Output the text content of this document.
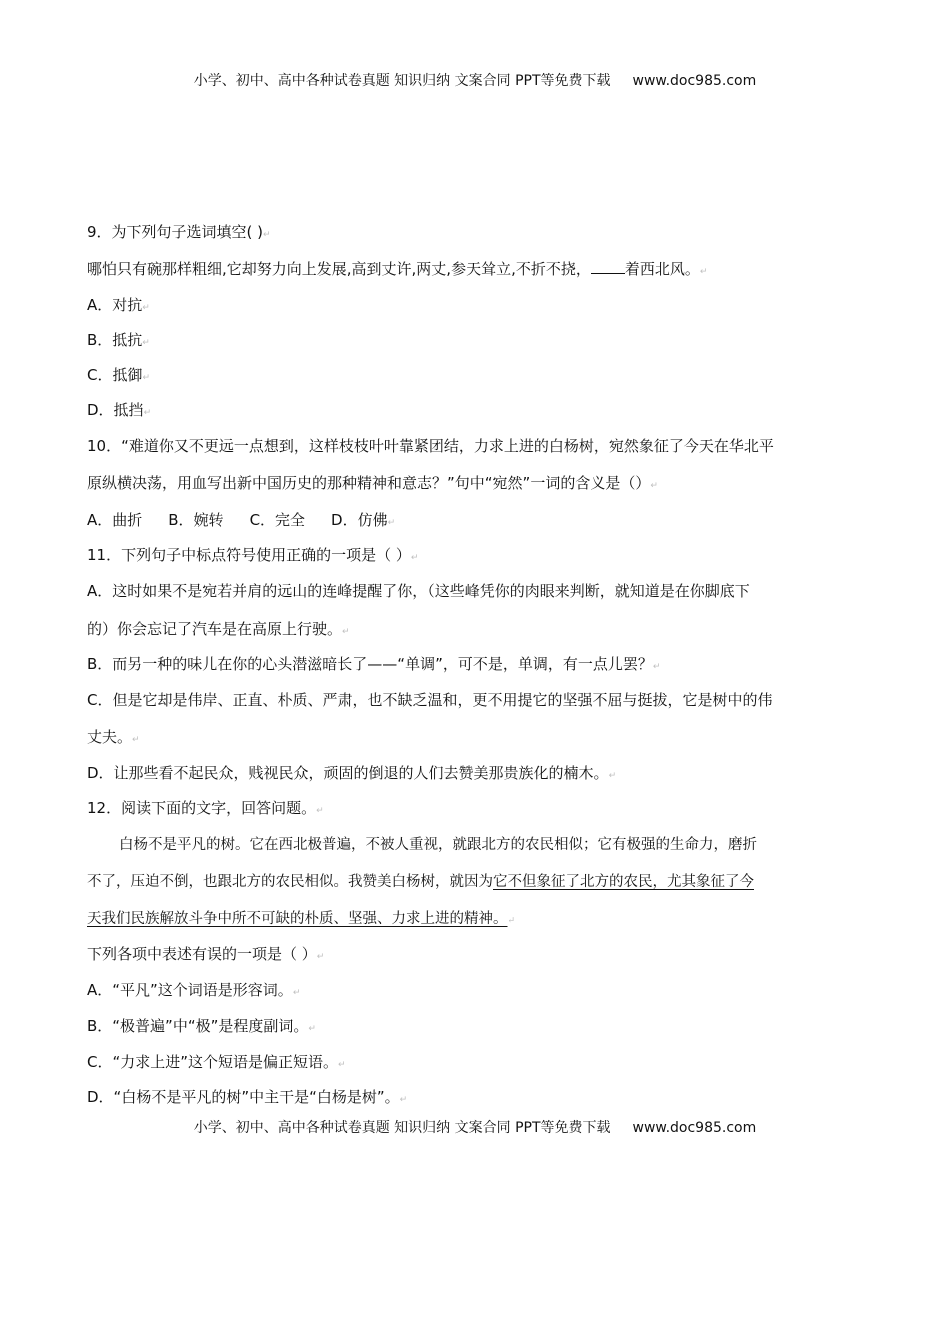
小学、初中、高中各种试卷真题 知识归纳 文案合同 PPT等免费下载 www.doc985.com
9．为下列句子选词填空( )↵
哪怕只有碗那样粗细,它却努力向上发展,高到丈许,两丈,参天耸立,不折不挠， 着西北风。↵
A．对抗↵
B．抵抗↵
C．抵御↵
D．抵挡↵
10．“难道你又不更远一点想到，这样枝枝叶叶靠紧团结，力求上进的白杨树，宛然象征了今天在华北平
原纵横决荡，用血写出新中国历史的那种精神和意志？”句中“宛然”一词的含义是（）↵
A．曲折 B．婉转 C．完全 D．仿佛↵
11．下列句子中标点符号使用正确的一项是（ ）↵
A．这时如果不是宛若并肩的远山的连峰提醒了你，（这些峰凭你的肉眼来判断，就知道是在你脚底下
的）你会忘记了汽车是在高原上行驶。↵
B．而另一种的味儿在你的心头潜滋暗长了——“单调”，可不是，单调，有一点儿罢？↵
C．但是它却是伟岸、正直、朴质、严肃，也不缺乏温和，更不用提它的坚强不屈与挺拔，它是树中的伟
丈夫。↵
D．让那些看不起民众，贱视民众，顽固的倒退的人们去赞美那贵族化的楠木。↵
12．阅读下面的文字，回答问题。↵
白杨不是平凡的树。它在西北极普遍，不被人重视，就跟北方的农民相似；它有极强的生命力，磨折
不了，压迫不倒，也跟北方的农民相似。我赞美白杨树，就因为它不但象征了北方的农民，尤其象征了今
天我们民族解放斗争中所不可缺的朴质、坚强、力求上进的精神。↵
下列各项中表述有误的一项是（ ）↵
A．“平凡”这个词语是形容词。↵
B．“极普遍”中“极”是程度副词。↵
C．“力求上进”这个短语是偏正短语。↵
D．“白杨不是平凡的树”中主干是“白杨是树”。↵
小学、初中、高中各种试卷真题 知识归纳 文案合同 PPT等免费下载 www.doc985.com
